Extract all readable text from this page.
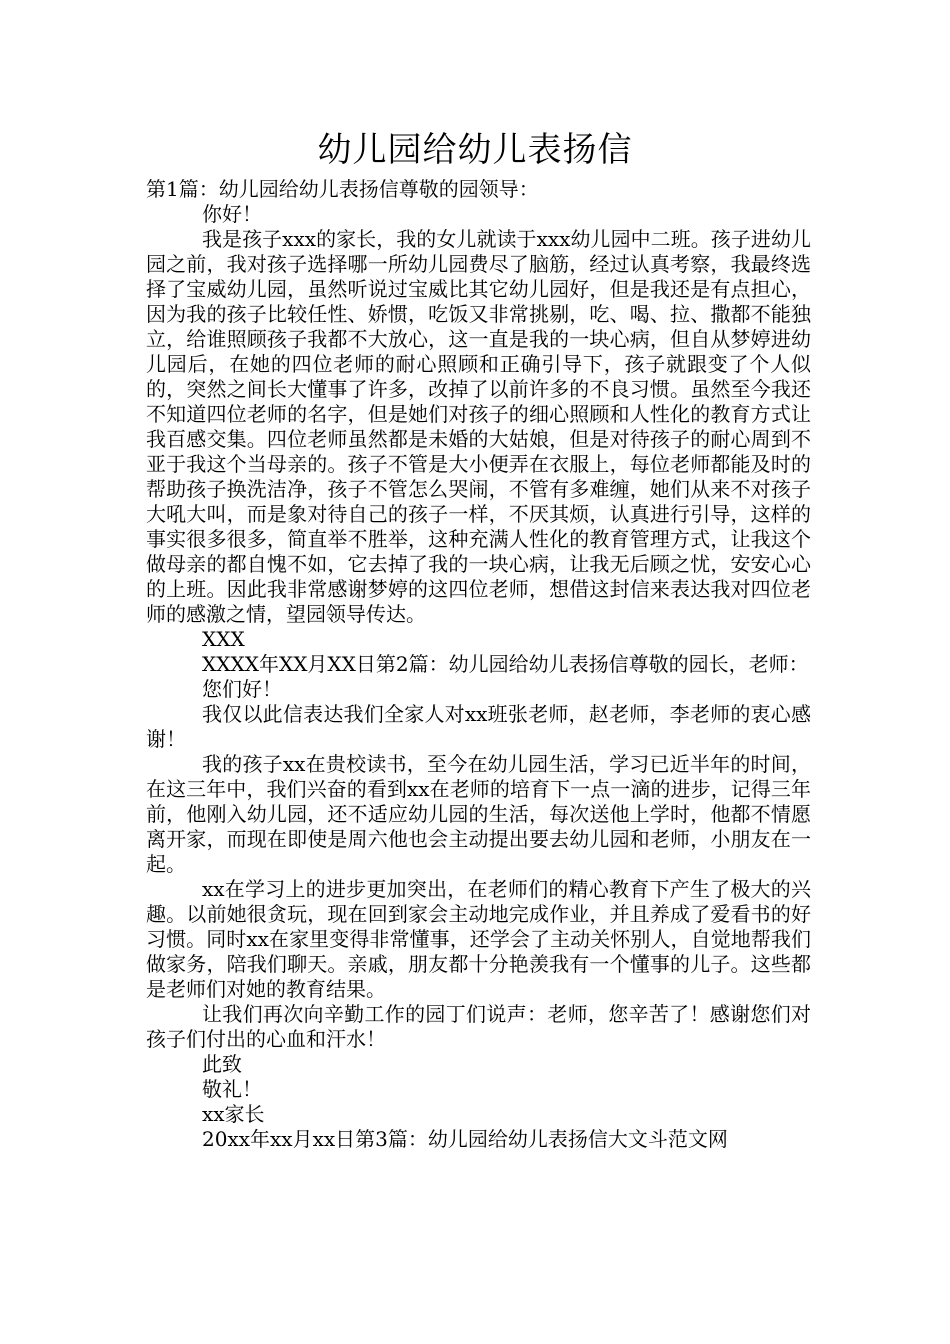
幼儿园给幼儿表扬信

第1篇：幼儿园给幼儿表扬信尊敬的园领导：

你好！

我是孩子xxx的家长，我的女儿就读于xxx幼儿园中二班。孩子进幼儿园之前，我对孩子选择哪一所幼儿园费尽了脑筋，经过认真考察，我最终选择了宝威幼儿园，虽然听说过宝威比其它幼儿园好，但是我还是有点担心，因为我的孩子比较任性、娇惯，吃饭又非常挑剔，吃、喝、拉、撒都不能独立，给谁照顾孩子我都不大放心，这一直是我的一块心病，但自从梦婷进幼儿园后，在她的四位老师的耐心照顾和正确引导下，孩子就跟变了个人似的，突然之间长大懂事了许多，改掉了以前许多的不良习惯。虽然至今我还不知道四位老师的名字，但是她们对孩子的细心照顾和人性化的教育方式让我百感交集。四位老师虽然都是未婚的大姑娘，但是对待孩子的耐心周到不亚于我这个当母亲的。孩子不管是大小便弄在衣服上，每位老师都能及时的帮助孩子换洗洁净，孩子不管怎么哭闹，不管有多难缠，她们从来不对孩子大吼大叫，而是象对待自己的孩子一样，不厌其烦，认真进行引导，这样的事实很多很多，简直举不胜举，这种充满人性化的教育管理方式，让我这个做母亲的都自愧不如，它去掉了我的一块心病，让我无后顾之忧，安安心心的上班。因此我非常感谢梦婷的这四位老师，想借这封信来表达我对四位老师的感激之情，望园领导传达。

XXX

XXXX年XX月XX日第2篇：幼儿园给幼儿表扬信尊敬的园长，老师：

您们好！

我仅以此信表达我们全家人对xx班张老师，赵老师，李老师的衷心感谢！

我的孩子xx在贵校读书，至今在幼儿园生活，学习已近半年的时间，在这三年中，我们兴奋的看到xx在老师的培育下一点一滴的进步，记得三年前，他刚入幼儿园，还不适应幼儿园的生活，每次送他上学时，他都不情愿离开家，而现在即使是周六他也会主动提出要去幼儿园和老师，小朋友在一起。

xx在学习上的进步更加突出，在老师们的精心教育下产生了极大的兴趣。以前她很贪玩，现在回到家会主动地完成作业，并且养成了爱看书的好习惯。同时xx在家里变得非常懂事，还学会了主动关怀别人，自觉地帮我们做家务，陪我们聊天。亲戚，朋友都十分艳羡我有一个懂事的儿子。这些都是老师们对她的教育结果。

让我们再次向辛勤工作的园丁们说声：老师，您辛苦了！感谢您们对孩子们付出的心血和汗水！

此致

敬礼！

xx家长

20xx年xx月xx日第3篇：幼儿园给幼儿表扬信大文斗范文网
